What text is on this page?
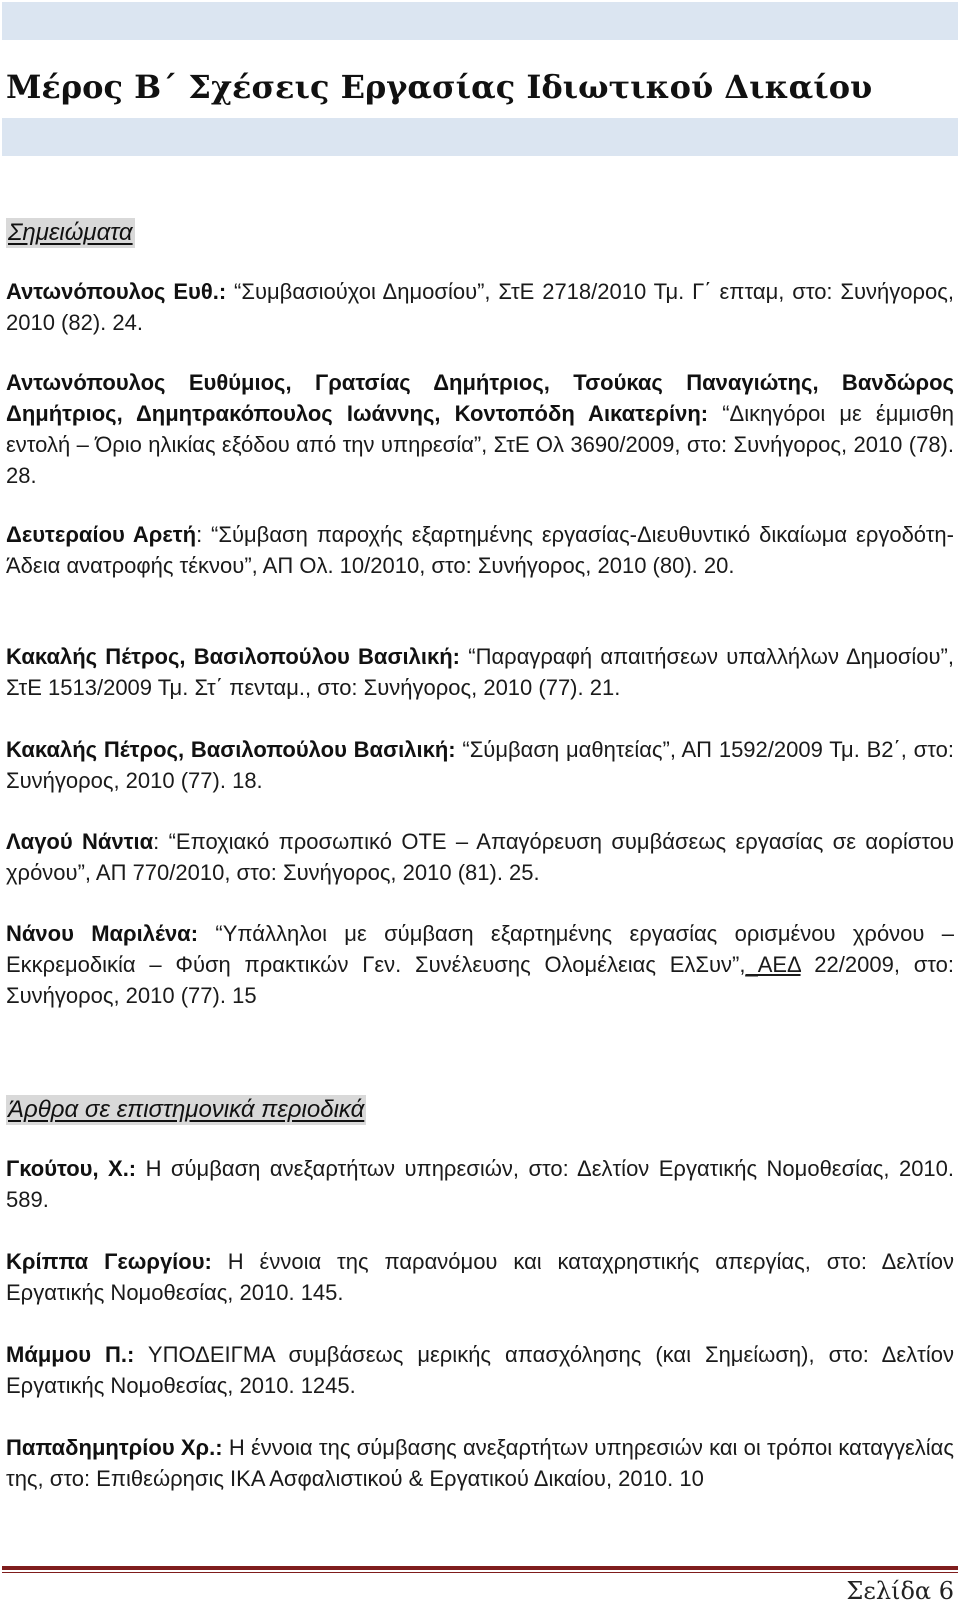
Μέρος Β΄ Σχέσεις Εργασίας Ιδιωτικού Δικαίου
Σημειώματα

Αντωνόπουλος Ευθ.: “Συμβασιούχοι Δημοσίου”, ΣτΕ 2718/2010 Τμ. Γ΄ επταμ, στο: Συνήγορος, 2010 (82). 24.

Αντωνόπουλος Ευθύμιος, Γρατσίας Δημήτριος, Τσούκας Παναγιώτης, Βανδώρος Δημήτριος, Δημητρακόπουλος Ιωάννης, Κοντοπόδη Αικατερίνη: “Δικηγόροι με έμμισθη εντολή – Όριο ηλικίας εξόδου από την υπηρεσία”, ΣτΕ Ολ 3690/2009, στο: Συνήγορος, 2010 (78). 28.

Δευτεραίου Αρετή: “Σύμβαση παροχής εξαρτημένης εργασίας-Διευθυντικό δικαίωμα εργοδότη-Άδεια ανατροφής τέκνου”, ΑΠ Ολ. 10/2010, στο: Συνήγορος, 2010 (80). 20.

Κακαλής Πέτρος, Βασιλοπούλου Βασιλική: “Παραγραφή απαιτήσεων υπαλλήλων Δημοσίου”, ΣτΕ 1513/2009 Τμ. Στ΄ πενταμ., στο: Συνήγορος, 2010 (77). 21.

Κακαλής Πέτρος, Βασιλοπούλου Βασιλική: “Σύμβαση μαθητείας”, ΑΠ 1592/2009 Τμ. Β2΄, στο: Συνήγορος, 2010 (77). 18.

Λαγού Νάντια: “Εποχιακό προσωπικό ΟΤΕ – Απαγόρευση συμβάσεως εργασίας σε αορίστου χρόνου”, ΑΠ 770/2010, στο: Συνήγορος, 2010 (81). 25.

Νάνου Μαριλένα: “Υπάλληλοι με σύμβαση εξαρτημένης εργασίας ορισμένου χρόνου – Εκκρεμοδικία – Φύση πρακτικών Γεν. Συνέλευσης Ολομέλειας ΕλΣυν”,_ΑΕΔ 22/2009, στο: Συνήγορος, 2010 (77). 15

Άρθρα σε επιστημονικά περιοδικά

Γκούτου, Χ.: Η σύμβαση ανεξαρτήτων υπηρεσιών, στο: Δελτίον Εργατικής Νομοθεσίας, 2010. 589.

Κρίππα Γεωργίου: Η έννοια της παρανόμου και καταχρηστικής απεργίας, στο: Δελτίον Εργατικής Νομοθεσίας, 2010. 145.

Μάμμου Π.: ΥΠΟΔΕΙΓΜΑ συμβάσεως μερικής απασχόλησης (και Σημείωση), στο: Δελτίον Εργατικής Νομοθεσίας, 2010. 1245.

Παπαδημητρίου Χρ.: Η έννοια της σύμβασης ανεξαρτήτων υπηρεσιών και οι τρόποι καταγγελίας της, στο: Επιθεώρησις ΙΚΑ Ασφαλιστικού & Εργατικού Δικαίου, 2010. 10

Σελίδα 6
